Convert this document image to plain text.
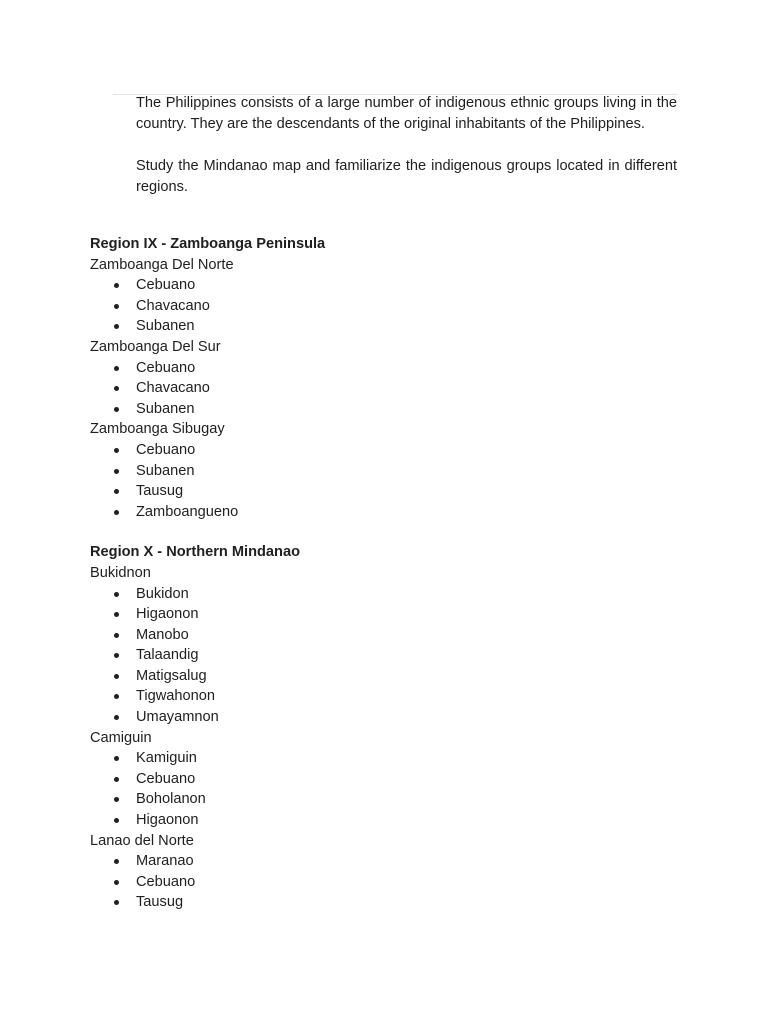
The Philippines consists of a large number of indigenous ethnic groups living in the country. They are the descendants of the original inhabitants of the Philippines.

Study the Mindanao map and familiarize the indigenous groups located in different regions.

Region IX - Zamboanga Peninsula
Zamboanga Del Norte
Cebuano
Chavacano
Subanen
Zamboanga Del Sur
Cebuano
Chavacano
Subanen
Zamboanga Sibugay
Cebuano
Subanen
Tausug
Zamboangueno
Region X - Northern Mindanao
Bukidnon
Bukidon
Higaonon
Manobo
Talaandig
Matigsalug
Tigwahonon
Umayamnon
Camiguin
Kamiguin
Cebuano
Boholanon
Higaonon
Lanao del Norte
Maranao
Cebuano
Tausug
